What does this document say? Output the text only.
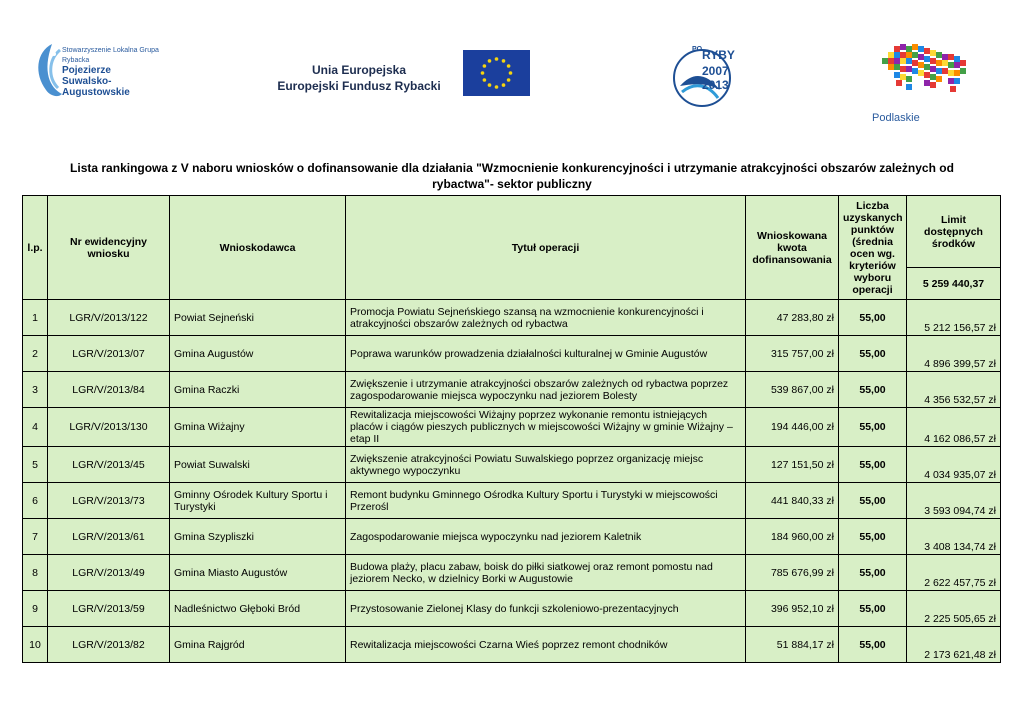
Stowarzyszenie Lokalna Grupa Rybacka
Pojezierze
Suwalsko-Augustowskie
Unia Europejska
Europejski Fundusz Rybacki
PO RYBY
2007
2013
Podlaskie
Lista rankingowa z V naboru wniosków o dofinansowanie dla działania "Wzmocnienie konkurencyjności i utrzymanie atrakcyjności obszarów zależnych od rybactwa"- sektor publiczny
l.p.	Nr ewidencyjny wniosku	Wnioskodawca	Tytuł operacji	Wnioskowana kwota dofinansowania	Liczba uzyskanych punktów (średnia ocen wg. kryteriów wyboru operacji	Limit dostępnych środków
						5 259 440,37
1	LGR/V/2013/122	Powiat Sejneński	Promocja Powiatu Sejneńskiego szansą na wzmocnienie konkurencyjności i atrakcyjności obszarów zależnych od rybactwa	47 283,80 zł	55,00	5 212 156,57 zł
2	LGR/V/2013/07	Gmina Augustów	Poprawa warunków prowadzenia działalności kulturalnej w Gminie Augustów	315 757,00 zł	55,00	4 896 399,57 zł
3	LGR/V/2013/84	Gmina Raczki	Zwiększenie i utrzymanie atrakcyjności obszarów zależnych od rybactwa poprzez zagospodarowanie miejsca wypoczynku nad jeziorem Bolesty	539 867,00 zł	55,00	4 356 532,57 zł
4	LGR/V/2013/130	Gmina Wiżajny	Rewitalizacja miejscowości Wiżajny poprzez wykonanie remontu istniejących placów i ciągów pieszych publicznych w miejscowości Wiżajny w gminie Wiżajny – etap II	194 446,00 zł	55,00	4 162 086,57 zł
5	LGR/V/2013/45	Powiat Suwalski	Zwiększenie atrakcyjności Powiatu Suwalskiego poprzez organizację miejsc aktywnego wypoczynku	127 151,50 zł	55,00	4 034 935,07 zł
6	LGR/V/2013/73	Gminny Ośrodek Kultury Sportu i Turystyki	Remont budynku Gminnego Ośrodka Kultury Sportu i Turystyki w miejscowości Przerośl	441 840,33 zł	55,00	3 593 094,74 zł
7	LGR/V/2013/61	Gmina Szypliszki	Zagospodarowanie miejsca wypoczynku nad jeziorem Kaletnik	184 960,00 zł	55,00	3 408 134,74 zł
8	LGR/V/2013/49	Gmina Miasto Augustów	Budowa plaży, placu zabaw, boisk do piłki siatkowej oraz remont pomostu nad jeziorem Necko, w dzielnicy Borki w Augustowie	785 676,99 zł	55,00	2 622 457,75 zł
9	LGR/V/2013/59	Nadleśnictwo Głęboki Bród	Przystosowanie Zielonej Klasy do funkcji szkoleniowo-prezentacyjnych	396 952,10 zł	55,00	2 225 505,65 zł
10	LGR/V/2013/82	Gmina Rajgród	Rewitalizacja miejscowości Czarna Wieś poprzez remont chodników	51 884,17 zł	55,00	2 173 621,48 zł
